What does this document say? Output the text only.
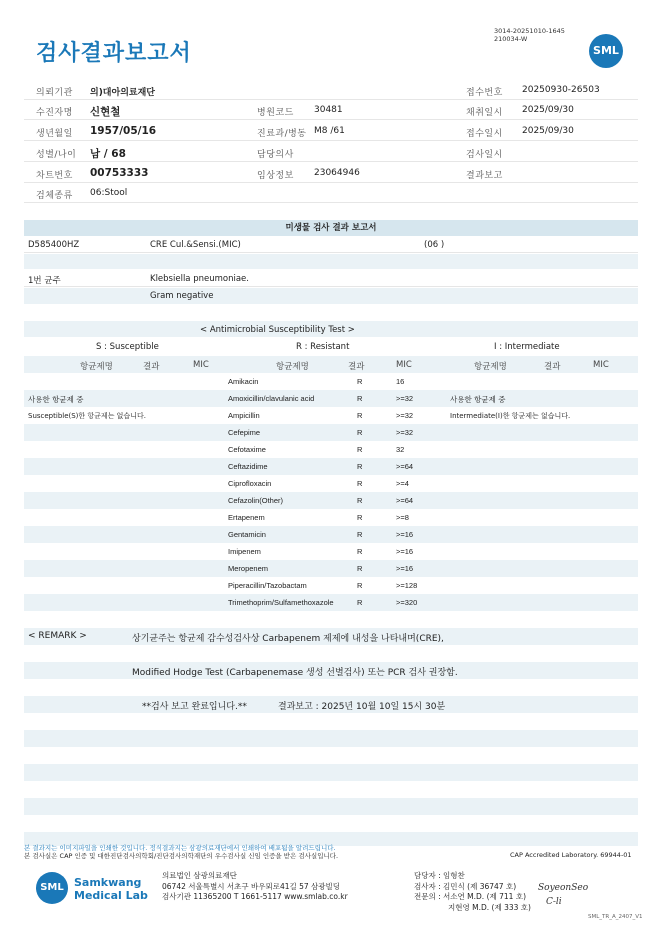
검사결과보고서
3014-20251010-1645
210034-W
SML
의뢰기관 의)대아의료재단	접수번호 20250930-26503
수진자명 신현철	병원코드 30481	채취일시 2025/09/30
생년월일 1957/05/16	진료과/병동 M8 /61	접수일시 2025/09/30
성별/나이 남 / 68	담당의사	검사일시
차트번호 00753333	임상정보 23064946	결과보고
검체종류 06:Stool
미생물 검사 결과 보고서
D585400HZ	CRE Cul.&Sensi.(MIC)	(06 )
1번 균주	Klebsiella pneumoniae.
Gram negative
< Antimicrobial Susceptibility Test >
S : Susceptible	R : Resistant	I : Intermediate
항균제명	결과	MIC	항균제명	결과	MIC	항균제명	결과	MIC
Amikacin	R	16
사용한 항균제 중	Amoxicillin/clavulanic acid	R	>=32	사용한 항균제 중
Susceptible(S)한 항균제는 없습니다.	Ampicillin	R	>=32	Intermediate(I)한 항균제는 없습니다.
Cefepime	R	>=32
Cefotaxime	R	32
Ceftazidime	R	>=64
Ciprofloxacin	R	>=4
Cefazolin(Other)	R	>=64
Ertapenem	R	>=8
Gentamicin	R	>=16
Imipenem	R	>=16
Meropenem	R	>=16
Piperacillin/Tazobactam	R	>=128
Trimethoprim/Sulfamethoxazole	R	>=320
< REMARK >	상기균주는 항균제 감수성검사상 Carbapenem 제제에 내성을 나타내며(CRE),
Modified Hodge Test (Carbapenemase 생성 선별검사) 또는 PCR 검사 권장함.
**검사 보고 완료입니다.**	결과보고 : 2025년 10월 10일 15시 30분
본 결과지는 이미지파일을 인쇄한 것입니다. 정식결과지는 삼광의료재단에서 인쇄하여 배포됨을 알려드립니다.
본 검사실은 CAP 인증 및 대한진단검사의학회/진단검사의학재단의 우수검사실 신임 인증을 받은 검사실입니다.	CAP Accredited Laboratory. 69944-01
SML Samkwang
Medical Lab
의료법인 삼광의료재단
06742 서울특별시 서초구 바우뫼로41길 57 삼광빌딩
검사기관 11365200 T 1661-5117 www.smlab.co.kr
담당자 : 임형찬
검사자 : 김민식 (제 36747 호)
전문의 : 서소연 M.D. (제 711 호)
지현영 M.D. (제 333 호)
SoyeonSeo
C-li
SML_TR_A_2407_V1
